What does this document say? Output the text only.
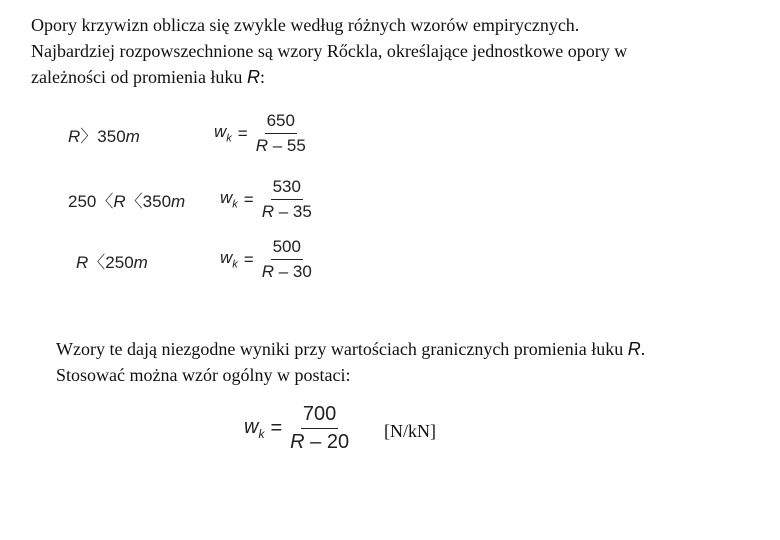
Opory krzywizn oblicza się zwykle według różnych wzorów empirycznych.
Najbardziej rozpowszechnione są wzory Rőckla, określające jednostkowe opory w
zależności od promienia łuku R:
R〉350m	$w_k = \frac{650}{R - 55}$
250〈R〈350m $w_k = \frac{530}{R - 35}$
R〈250m	$w_k = \frac{500}{R - 30}$
Wzory te dają niezgodne wyniki przy wartościach granicznych promienia łuku R.
Stosować można wzór ogólny w postaci:
$w_k = \frac{700}{R - 20} [N/kN]$
